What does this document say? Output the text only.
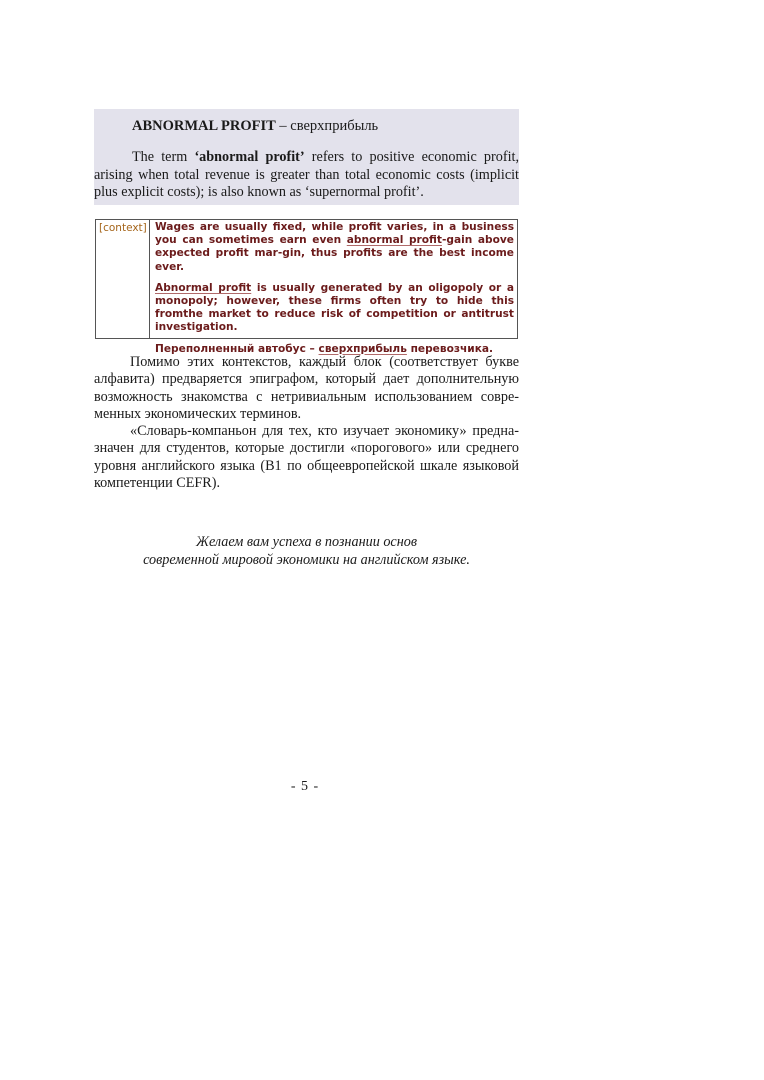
ABNORMAL PROFIT – сверхприбыль

The term ‘abnormal profit’ refers to positive economic profit, arising when total revenue is greater than total economic costs (implicit plus explicit costs); is also known as ‘supernormal profit’.

[context] Wages are usually fixed, while profit varies, in a business you can sometimes earn even abnormal profit-gain above expected profit mar-gin, thus profits are the best income ever.

Abnormal profit is usually generated by an oligopoly or a monopoly; however, these firms often try to hide this fromthe market to reduce risk of competition or antitrust investigation.

Переполненный автобус – сверхприбыль перевозчика.

Помимо этих контекстов, каждый блок (соответствует букве алфавита) предваряется эпиграфом, который дает дополнительную возможность знакомства с нетривиальным использованием совре-менных экономических терминов.

«Словарь-компаньон для тех, кто изучает экономику» предна-значен для студентов, которые достигли «порогового» или среднего уровня английского языка (B1 по общеевропейской шкале языковой компетенции CEFR).

Желаем вам успеха в познании основ
современной мировой экономики на английском языке.
- 5 -
